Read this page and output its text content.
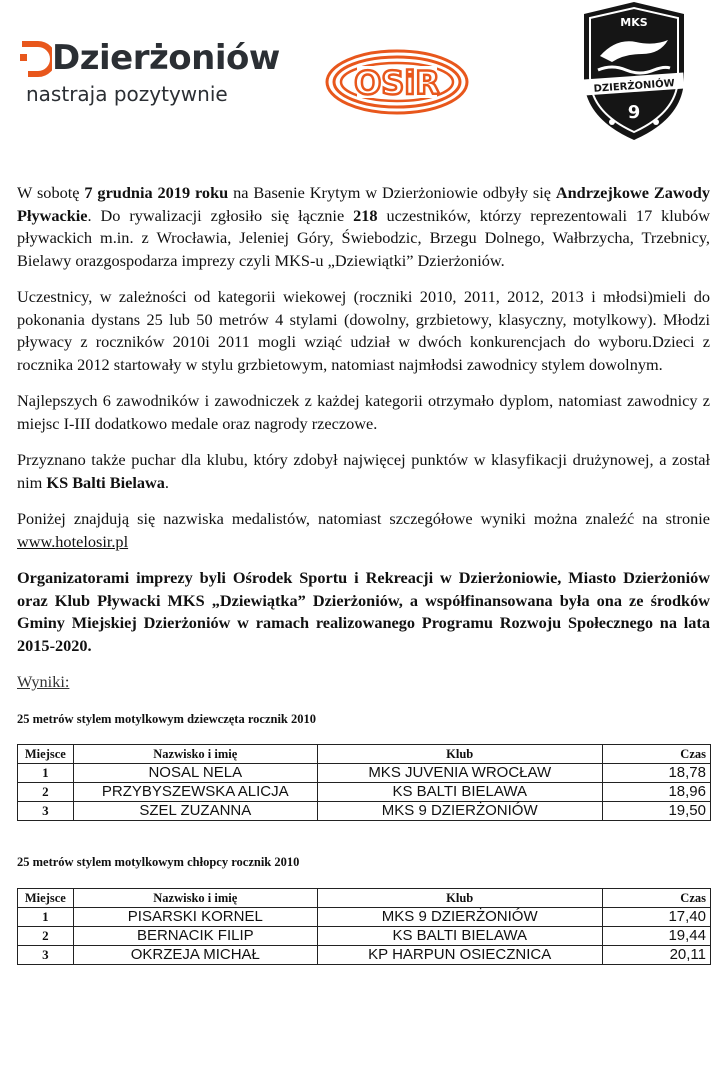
Dzierżoniów
nastraja pozytywnie	OSiR
MKS
DZIERŻONIÓW
9

W sobotę 7 grudnia 2019 roku na Basenie Krytym w Dzierżoniowie odbyły się Andrzejkowe Zawody Pływackie. Do rywalizacji zgłosiło się łącznie 218 uczestników, którzy reprezentowali 17 klubów pływackich m.in. z Wrocławia, Jeleniej Góry, Świebodzic, Brzegu Dolnego, Wałbrzycha, Trzebnicy, Bielawy orazgospodarza imprezy czyli MKS-u „Dziewiątki” Dzierżoniów.

Uczestnicy, w zależności od kategorii wiekowej (roczniki 2010, 2011, 2012, 2013 i młodsi)mieli do pokonania dystans 25 lub 50 metrów 4 stylami (dowolny, grzbietowy, klasyczny, motylkowy). Młodzi pływacy z roczników 2010i 2011 mogli wziąć udział w dwóch konkurencjach do wyboru.Dzieci z rocznika 2012 startowały w stylu grzbietowym, natomiast najmłodsi zawodnicy stylem dowolnym.

Najlepszych 6 zawodników i zawodniczek z każdej kategorii otrzymało dyplom, natomiast zawodnicy z miejsc I-III dodatkowo medale oraz nagrody rzeczowe.

Przyznano także puchar dla klubu, który zdobył najwięcej punktów w klasyfikacji drużynowej, a został nim KS Balti Bielawa.

Poniżej znajdują się nazwiska medalistów, natomiast szczegółowe wyniki można znaleźć na stronie www.hotelosir.pl

Organizatorami imprezy byli Ośrodek Sportu i Rekreacji w Dzierżoniowie, Miasto Dzierżoniów oraz Klub Pływacki MKS „Dziewiątka” Dzierżoniów, a współfinansowana była ona ze środków Gminy Miejskiej Dzierżoniów w ramach realizowanego Programu Rozwoju Społecznego na lata 2015-2020.

Wyniki:
25 metrów stylem motylkowym dziewczęta rocznik 2010
Miejsce	Nazwisko i imię	Klub	Czas
1	NOSAL NELA	MKS JUVENIA WROCŁAW	18,78
2	PRZYBYSZEWSKA ALICJA	KS BALTI BIELAWA	18,96
3	SZEL ZUZANNA	MKS 9 DZIERŻONIÓW	19,50
25 metrów stylem motylkowym chłopcy rocznik 2010
Miejsce	Nazwisko i imię	Klub	Czas
1	PISARSKI KORNEL	MKS 9 DZIERŻONIÓW	17,40
2	BERNACIK FILIP	KS BALTI BIELAWA	19,44
3	OKRZEJA MICHAŁ	KP HARPUN OSIECZNICA	20,11
